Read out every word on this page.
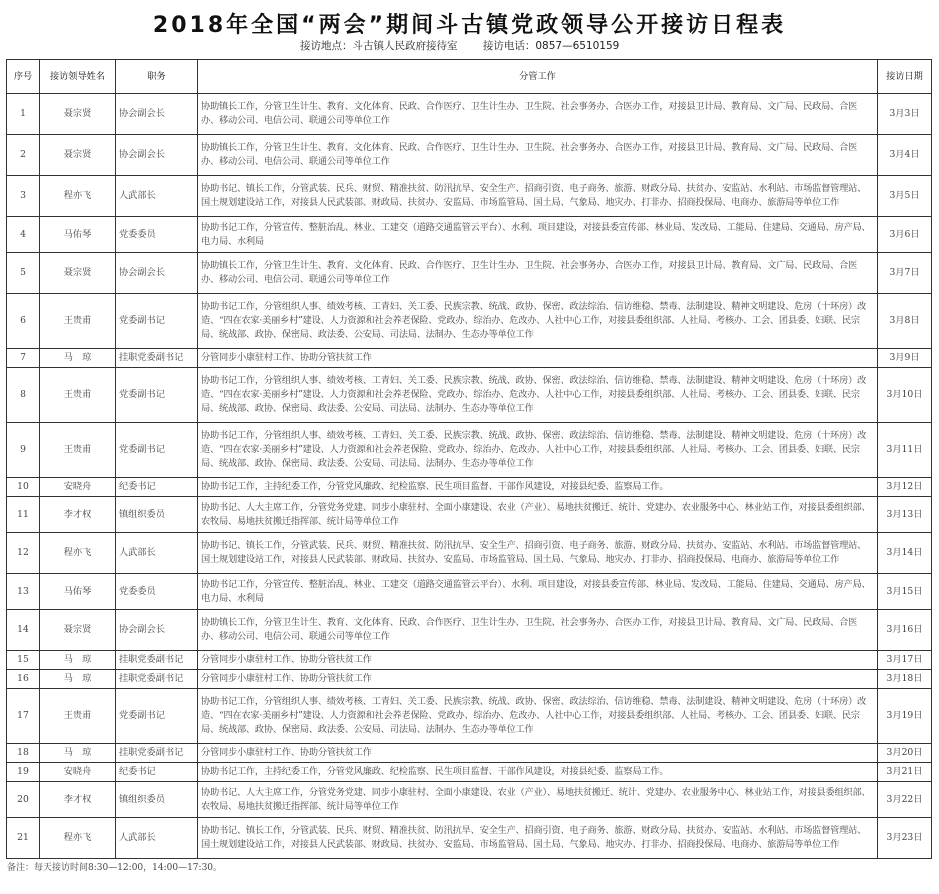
2018年全国“两会”期间斗古镇党政领导公开接访日程表
接访地点：斗古镇人民政府接待室 接访电话：0857—6510159
序号	接访领导姓名	职务	分管工作	接访日期
1	聂宗贤	协会副会长	协助镇长工作，分管卫生计生、教育、文化体育、民政、合作医疗、卫生计生办、卫生院、社会事务办、合医办工作，对接县卫计局、教育局、文广局、民政局、合医办、移动公司、电信公司、联通公司等单位工作	3月3日
2	聂宗贤	协会副会长	协助镇长工作，分管卫生计生、教育、文化体育、民政、合作医疗、卫生计生办、卫生院、社会事务办、合医办工作，对接县卫计局、教育局、文广局、民政局、合医办、移动公司、电信公司、联通公司等单位工作	3月4日
3	程亦飞	人武部长	协助书记、镇长工作，分管武装、民兵、财贸、精准扶贫、防汛抗旱、安全生产、招商引资、电子商务、旅游、财政分局、扶贫办、安监站、水利站、市场监督管理站、国土规划建设站工作，对接县人民武装部、财政局、扶贫办、安监局、市场监管局、国土局、气象局、地灾办、打非办、招商投保局、电商办、旅游局等单位工作	3月5日
4	马佑琴	党委委员	协助书记工作，分管宣传、整脏治乱、林业、工建交（道路交通监管云平台）、水利、项目建设，对接县委宣传部、林业局、发改局、工能局、住建局、交通局、房产局、电力局、水利局	3月6日
5	聂宗贤	协会副会长	协助镇长工作，分管卫生计生、教育、文化体育、民政、合作医疗、卫生计生办、卫生院、社会事务办、合医办工作，对接县卫计局、教育局、文广局、民政局、合医办、移动公司、电信公司、联通公司等单位工作	3月7日
6	王贵甫	党委副书记	协助书记工作，分管组织人事、绩效考核、工青妇、关工委、民族宗教、统战、政协、保密、政法综治、信访维稳、禁毒、法制建设、精神文明建设、危房（十环房）改造、“四在农家·美丽乡村”建设、人力资源和社会养老保险、党政办、综治办、危改办、人社中心工作，对接县委组织部、人社局、考核办、工会、团县委、妇联、民宗局、统战部、政协、保密局、政法委、公安局、司法局、法制办、生态办等单位工作	3月8日
7	马　琼	挂职党委副书记	分管同步小康驻村工作、协助分管扶贫工作	3月9日
8	王贵甫	党委副书记	协助书记工作，分管组织人事、绩效考核、工青妇、关工委、民族宗教、统战、政协、保密、政法综治、信访维稳、禁毒、法制建设、精神文明建设、危房（十环房）改造、“四在农家·美丽乡村”建设、人力资源和社会养老保险、党政办、综治办、危改办、人社中心工作，对接县委组织部、人社局、考核办、工会、团县委、妇联、民宗局、统战部、政协、保密局、政法委、公安局、司法局、法制办、生态办等单位工作	3月10日
9	王贵甫	党委副书记	协助书记工作，分管组织人事、绩效考核、工青妇、关工委、民族宗教、统战、政协、保密、政法综治、信访维稳、禁毒、法制建设、精神文明建设、危房（十环房）改造、“四在农家·美丽乡村”建设、人力资源和社会养老保险、党政办、综治办、危改办、人社中心工作，对接县委组织部、人社局、考核办、工会、团县委、妇联、民宗局、统战部、政协、保密局、政法委、公安局、司法局、法制办、生态办等单位工作	3月11日
10	安晓舟	纪委书记	协助书记工作，主持纪委工作，分管党风廉政、纪检监察、民生项目监督、干部作风建设，对接县纪委、监察局工作。	3月12日
11	李才权	镇组织委员	协助书记、人大主席工作，分管党务党建、同步小康驻村、全面小康建设、农业（产业）、易地扶贫搬迁、统计、党建办、农业服务中心、林业站工作，对接县委组织部、农牧局、易地扶贫搬迁指挥部、统计局等单位工作	3月13日
12	程亦飞	人武部长	协助书记、镇长工作，分管武装、民兵、财贸、精准扶贫、防汛抗旱、安全生产、招商引资、电子商务、旅游、财政分局、扶贫办、安监站、水利站、市场监督管理站、国土规划建设站工作，对接县人民武装部、财政局、扶贫办、安监局、市场监管局、国土局、气象局、地灾办、打非办、招商投保局、电商办、旅游局等单位工作	3月14日
13	马佑琴	党委委员	协助书记工作，分管宣传、整脏治乱、林业、工建交（道路交通监管云平台）、水利、项目建设，对接县委宣传部、林业局、发改局、工能局、住建局、交通局、房产局、电力局、水利局	3月15日
14	聂宗贤	协会副会长	协助镇长工作，分管卫生计生、教育、文化体育、民政、合作医疗、卫生计生办、卫生院、社会事务办、合医办工作，对接县卫计局、教育局、文广局、民政局、合医办、移动公司、电信公司、联通公司等单位工作	3月16日
15	马　琼	挂职党委副书记	分管同步小康驻村工作、协助分管扶贫工作	3月17日
16	马　琼	挂职党委副书记	分管同步小康驻村工作、协助分管扶贫工作	3月18日
17	王贵甫	党委副书记	协助书记工作，分管组织人事、绩效考核、工青妇、关工委、民族宗教、统战、政协、保密、政法综治、信访维稳、禁毒、法制建设、精神文明建设、危房（十环房）改造、“四在农家·美丽乡村”建设、人力资源和社会养老保险、党政办、综治办、危改办、人社中心工作，对接县委组织部、人社局、考核办、工会、团县委、妇联、民宗局、统战部、政协、保密局、政法委、公安局、司法局、法制办、生态办等单位工作	3月19日
18	马　琼	挂职党委副书记	分管同步小康驻村工作、协助分管扶贫工作	3月20日
19	安晓舟	纪委书记	协助书记工作，主持纪委工作，分管党风廉政、纪检监察、民生项目监督、干部作风建设，对接县纪委、监察局工作。	3月21日
20	李才权	镇组织委员	协助书记、人大主席工作，分管党务党建、同步小康驻村、全面小康建设、农业（产业）、易地扶贫搬迁、统计、党建办、农业服务中心、林业站工作，对接县委组织部、农牧局、易地扶贫搬迁指挥部、统计局等单位工作	3月22日
21	程亦飞	人武部长	协助书记、镇长工作，分管武装、民兵、财贸、精准扶贫、防汛抗旱、安全生产、招商引资、电子商务、旅游、财政分局、扶贫办、安监站、水利站、市场监督管理站、国土规划建设站工作，对接县人民武装部、财政局、扶贫办、安监局、市场监管局、国土局、气象局、地灾办、打非办、招商投保局、电商办、旅游局等单位工作	3月23日
备注：每天接访时间8:30—12:00，14:00—17:30。
